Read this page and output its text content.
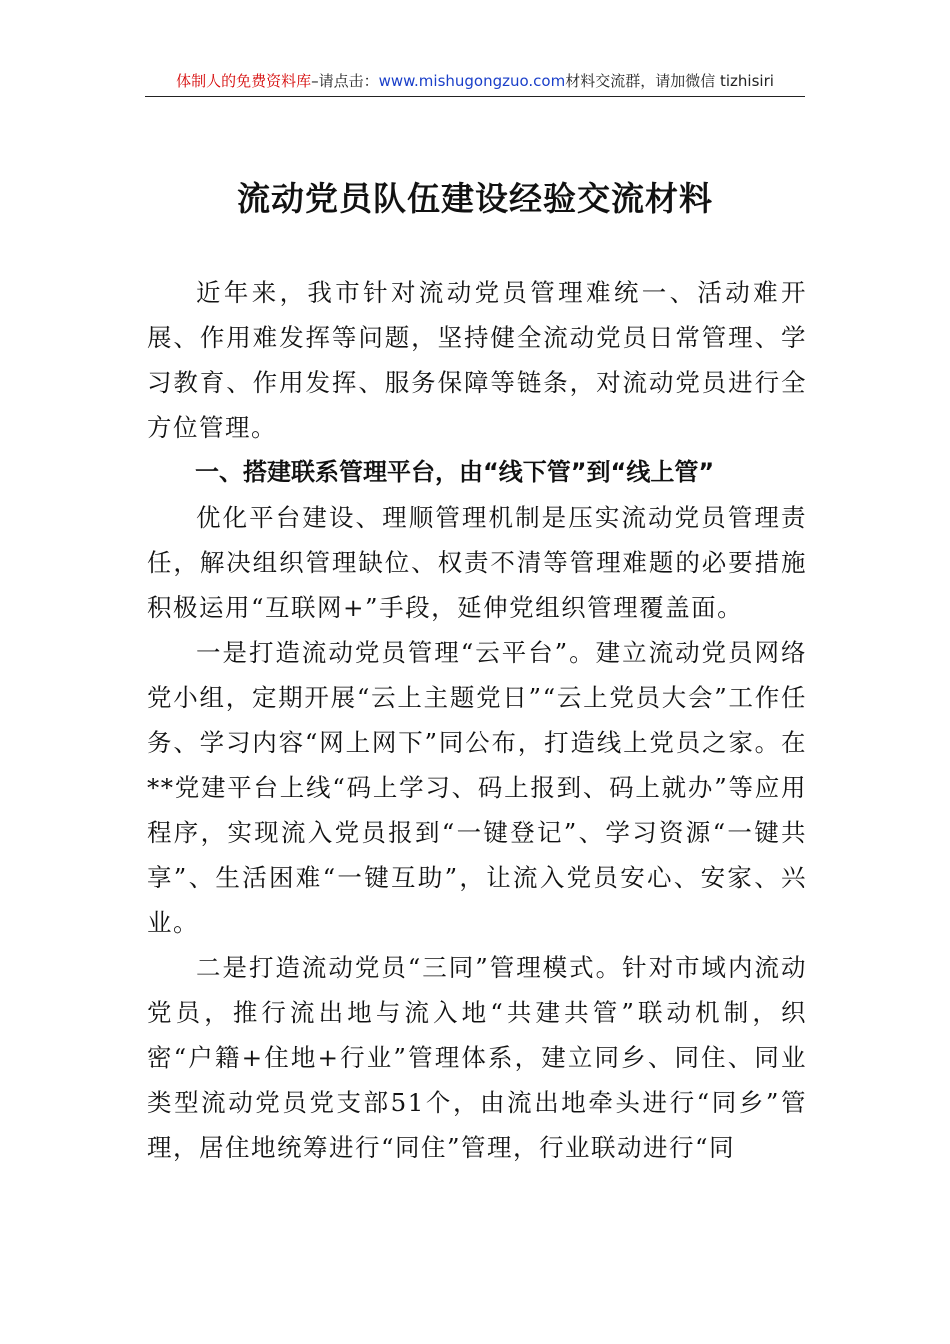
体制人的免费资料库–请点击：www.mishugongzuo.com材料交流群，请加微信 tizhisiri
流动党员队伍建设经验交流材料

近年来，我市针对流动党员管理难统一、活动难开展、作用难发挥等问题，坚持健全流动党员日常管理、学习教育、作用发挥、服务保障等链条，对流动党员进行全方位管理。

一、搭建联系管理平台，由“线下管”到“线上管”

优化平台建设、理顺管理机制是压实流动党员管理责任，解决组织管理缺位、权责不清等管理难题的必要措施积极运用“互联网+”手段，延伸党组织管理覆盖面。

一是打造流动党员管理“云平台”。建立流动党员网络党小组，定期开展“云上主题党日”“云上党员大会”工作任务、学习内容“网上网下”同公布，打造线上党员之家。在**党建平台上线“码上学习、码上报到、码上就办”等应用程序，实现流入党员报到“一键登记”、学习资源“一键共享”、生活困难“一键互助”，让流入党员安心、安家、兴业。

二是打造流动党员“三同”管理模式。针对市域内流动党员，推行流出地与流入地“共建共管”联动机制，织密“户籍+住地+行业”管理体系，建立同乡、同住、同业类型流动党员党支部51个，由流出地牵头进行“同乡”管理，居住地统筹进行“同住”管理，行业联动进行“同
